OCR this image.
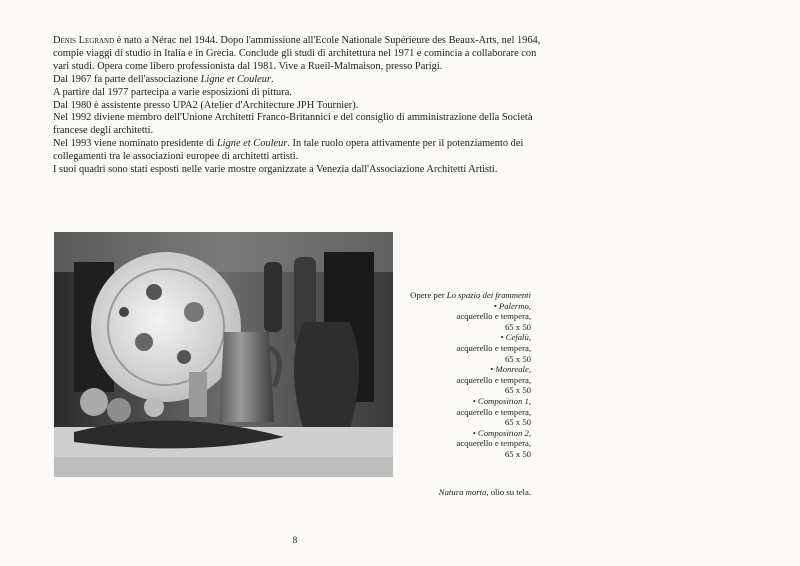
Denis Legrand è nato a Nérac nel 1944. Dopo l'ammissione all'Ecole Nationale Supérieure des Beaux-Arts, nel 1964, compie viaggi di studio in Italia e in Grecia. Conclude gli studi di architettura nel 1971 e comincia a collaborare con vari studi. Opera come libero professionista dal 1981. Vive a Rueil-Malmaison, presso Parigi.

Dal 1967 fa parte dell'associazione Ligne et Couleur.

A partire dal 1977 partecipa a varie esposizioni di pittura.

Dal 1980 è assistente presso UPA2 (Atelier d'Architecture JPH Tournier).

Nel 1992 diviene membro dell'Unione Architetti Franco-Britannici e del consiglio di amministrazione della Società francese degli architetti.

Nel 1993 viene nominato presidente di Ligne et Couleur. In tale ruolo opera attivamente per il potenziamento dei collegamenti tra le associazioni europee di architetti artisti.

I suoi quadri sono stati esposti nelle varie mostre organizzate a Venezia dall'Associazione Architetti Artisti.

Opere per Lo spazio dei frammenti
• Palermo,
acquerello e tempera,
65 x 50
• Cefalù,
acquerello e tempera,
65 x 50
• Monreale,
acquerello e tempera,
65 x 50
• Composition 1,
acquerello e tempera,
65 x 50
• Composition 2,
acquerello e tempera,
65 x 50
Natura morta, olio su tela.
8
